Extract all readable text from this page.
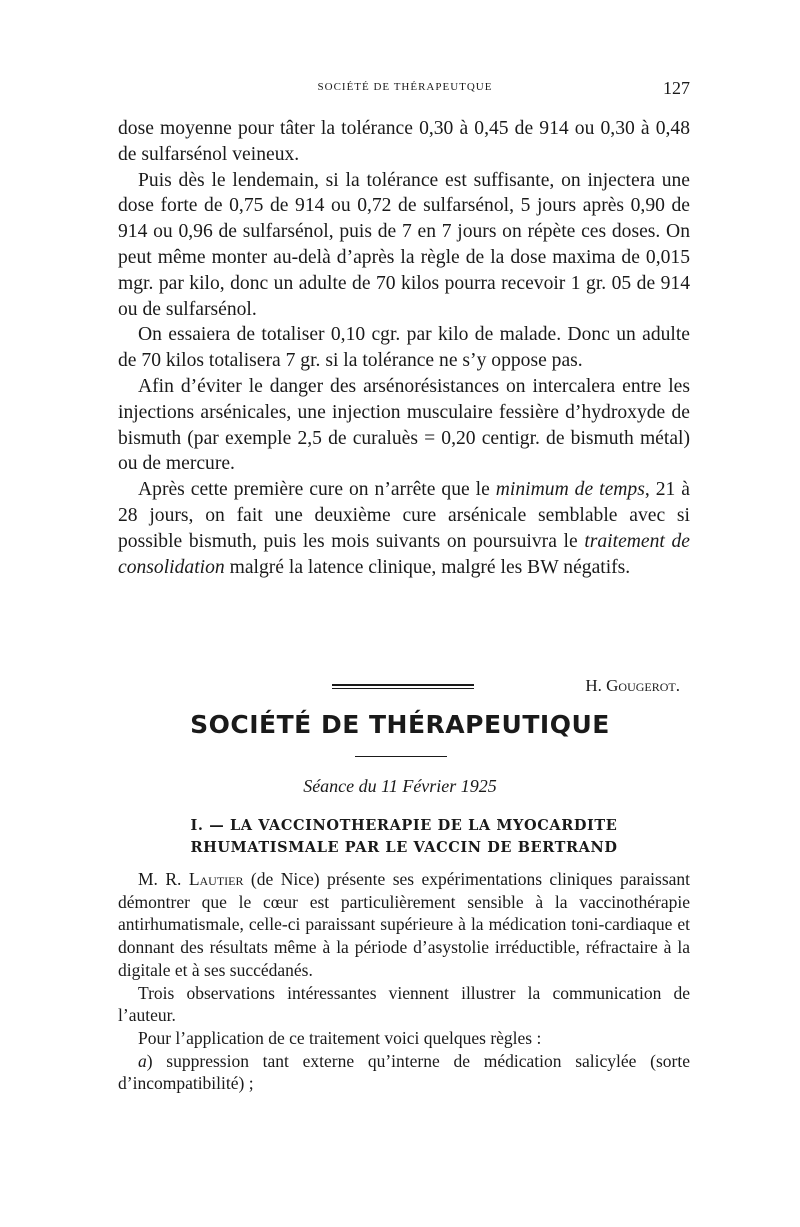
SOCIÉTÉ DE THÉRAPEUTQUE	127

dose moyenne pour tâter la tolérance 0,30 à 0,45 de 914 ou 0,30 à 0,48 de sulfarsénol veineux.

Puis dès le lendemain, si la tolérance est suffisante, on injectera une dose forte de 0,75 de 914 ou 0,72 de sulfarsénol, 5 jours après 0,90 de 914 ou 0,96 de sulfarsénol, puis de 7 en 7 jours on répète ces doses. On peut même monter au-delà d’après la règle de la dose maxima de 0,015 mgr. par kilo, donc un adulte de 70 kilos pourra recevoir 1 gr. 05 de 914 ou de sulfarsénol.

On essaiera de totaliser 0,10 cgr. par kilo de malade. Donc un adulte de 70 kilos totalisera 7 gr. si la tolérance ne s’y oppose pas.

Afin d’éviter le danger des arsénorésistances on intercalera entre les injections arsénicales, une injection musculaire fessière d’hydroxyde de bismuth (par exemple 2,5 de curaluès = 0,20 centigr. de bismuth métal) ou de mercure.

Après cette première cure on n’arrête que le minimum de temps, 21 à 28 jours, on fait une deuxième cure arsénicale semblable avec si possible bismuth, puis les mois suivants on poursuivra le traitement de consolidation malgré la latence clinique, malgré les BW négatifs.

H. Gougerot.
SOCIÉTÉ DE THÉRAPEUTIQUE
Séance du 11 Février 1925
I. — LA VACCINOTHERAPIE DE LA MYOCARDITE
RHUMATISMALE PAR LE VACCIN DE BERTRAND

M. R. Lautier (de Nice) présente ses expérimentations cliniques paraissant démontrer que le cœur est particulièrement sensible à la vaccinothérapie antirhumatismale, celle-ci paraissant supérieure à la médication toni-cardiaque et donnant des résultats même à la période d’asystolie irréductible, réfractaire à la digitale et à ses succédanés.

Trois observations intéressantes viennent illustrer la communication de l’auteur.

Pour l’application de ce traitement voici quelques règles :

a) suppression tant externe qu’interne de médication salicylée (sorte d’incompatibilité) ;
